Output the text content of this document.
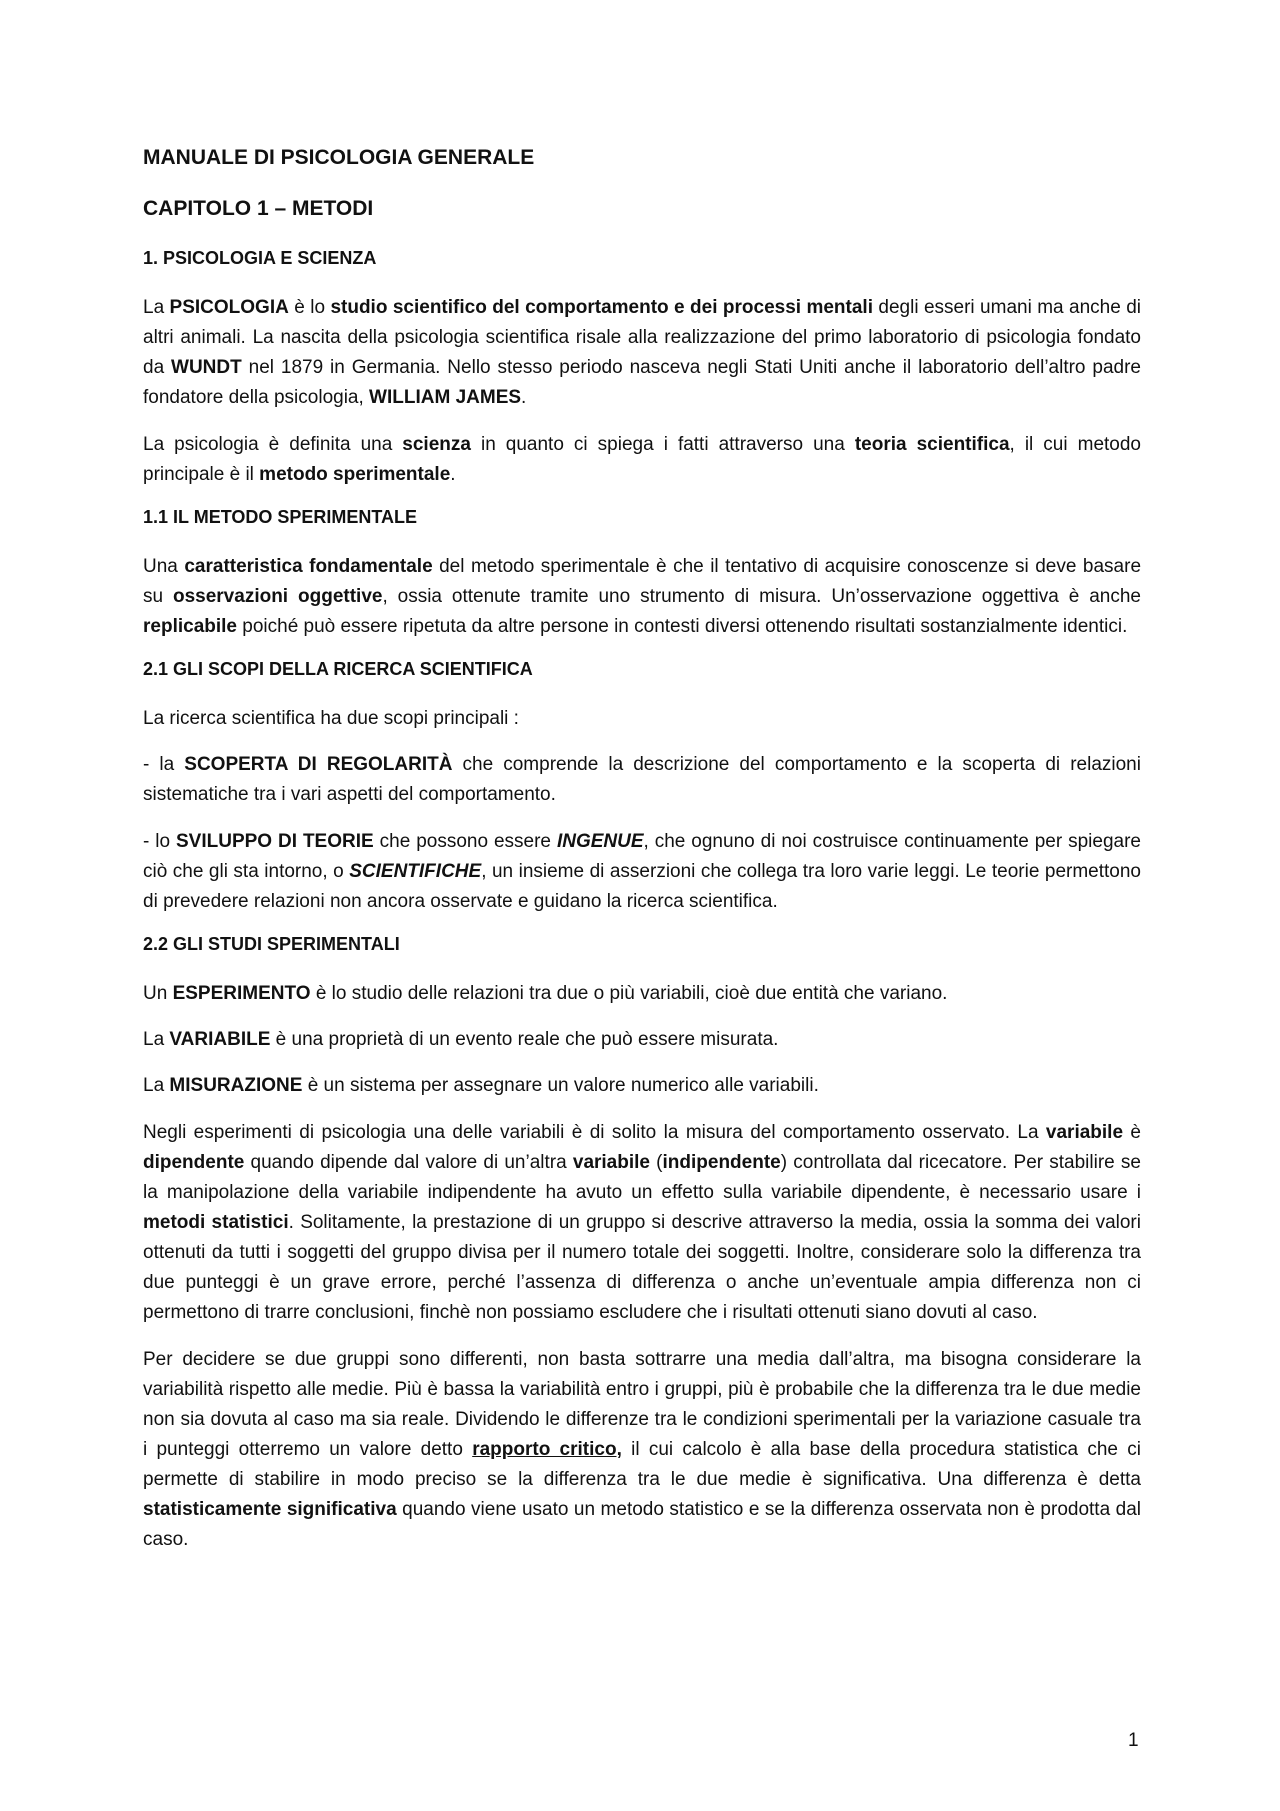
MANUALE DI PSICOLOGIA GENERALE
CAPITOLO 1 – METODI
1. PSICOLOGIA E SCIENZA

La PSICOLOGIA è lo studio scientifico del comportamento e dei processi mentali degli esseri umani ma anche di altri animali. La nascita della psicologia scientifica risale alla realizzazione del primo laboratorio di psicologia fondato da WUNDT nel 1879 in Germania. Nello stesso periodo nasceva negli Stati Uniti anche il laboratorio dell’altro padre fondatore della psicologia, WILLIAM JAMES.

La psicologia è definita una scienza in quanto ci spiega i fatti attraverso una teoria scientifica, il cui metodo principale è il metodo sperimentale.

1.1 IL METODO SPERIMENTALE

Una caratteristica fondamentale del metodo sperimentale è che il tentativo di acquisire conoscenze si deve basare su osservazioni oggettive, ossia ottenute tramite uno strumento di misura. Un’osservazione oggettiva è anche replicabile poiché può essere ripetuta da altre persone in contesti diversi ottenendo risultati sostanzialmente identici.

2.1 GLI SCOPI DELLA RICERCA SCIENTIFICA

La ricerca scientifica ha due scopi principali :

- la SCOPERTA DI REGOLARITÀ che comprende la descrizione del comportamento e la scoperta di relazioni sistematiche tra i vari aspetti del comportamento.

- lo SVILUPPO DI TEORIE che possono essere INGENUE, che ognuno di noi costruisce continuamente per spiegare ciò che gli sta intorno, o SCIENTIFICHE, un insieme di asserzioni che collega tra loro varie leggi. Le teorie permettono di prevedere relazioni non ancora osservate e guidano la ricerca scientifica.

2.2 GLI STUDI SPERIMENTALI

Un ESPERIMENTO è lo studio delle relazioni tra due o più variabili, cioè due entità che variano.

La VARIABILE è una proprietà di un evento reale che può essere misurata.

La MISURAZIONE è un sistema per assegnare un valore numerico alle variabili.

Negli esperimenti di psicologia una delle variabili è di solito la misura del comportamento osservato. La variabile è dipendente quando dipende dal valore di un’altra variabile (indipendente) controllata dal ricecatore. Per stabilire se la manipolazione della variabile indipendente ha avuto un effetto sulla variabile dipendente, è necessario usare i metodi statistici. Solitamente, la prestazione di un gruppo si descrive attraverso la media, ossia la somma dei valori ottenuti da tutti i soggetti del gruppo divisa per il numero totale dei soggetti. Inoltre, considerare solo la differenza tra due punteggi è un grave errore, perché l’assenza di differenza o anche un’eventuale ampia differenza non ci permettono di trarre conclusioni, finchè non possiamo escludere che i risultati ottenuti siano dovuti al caso.

Per decidere se due gruppi sono differenti, non basta sottrarre una media dall’altra, ma bisogna considerare la variabilità rispetto alle medie. Più è bassa la variabilità entro i gruppi, più è probabile che la differenza tra le due medie non sia dovuta al caso ma sia reale. Dividendo le differenze tra le condizioni sperimentali per la variazione casuale tra i punteggi otterremo un valore detto rapporto critico, il cui calcolo è alla base della procedura statistica che ci permette di stabilire in modo preciso se la differenza tra le due medie è significativa. Una differenza è detta statisticamente significativa quando viene usato un metodo statistico e se la differenza osservata non è prodotta dal caso.

1
